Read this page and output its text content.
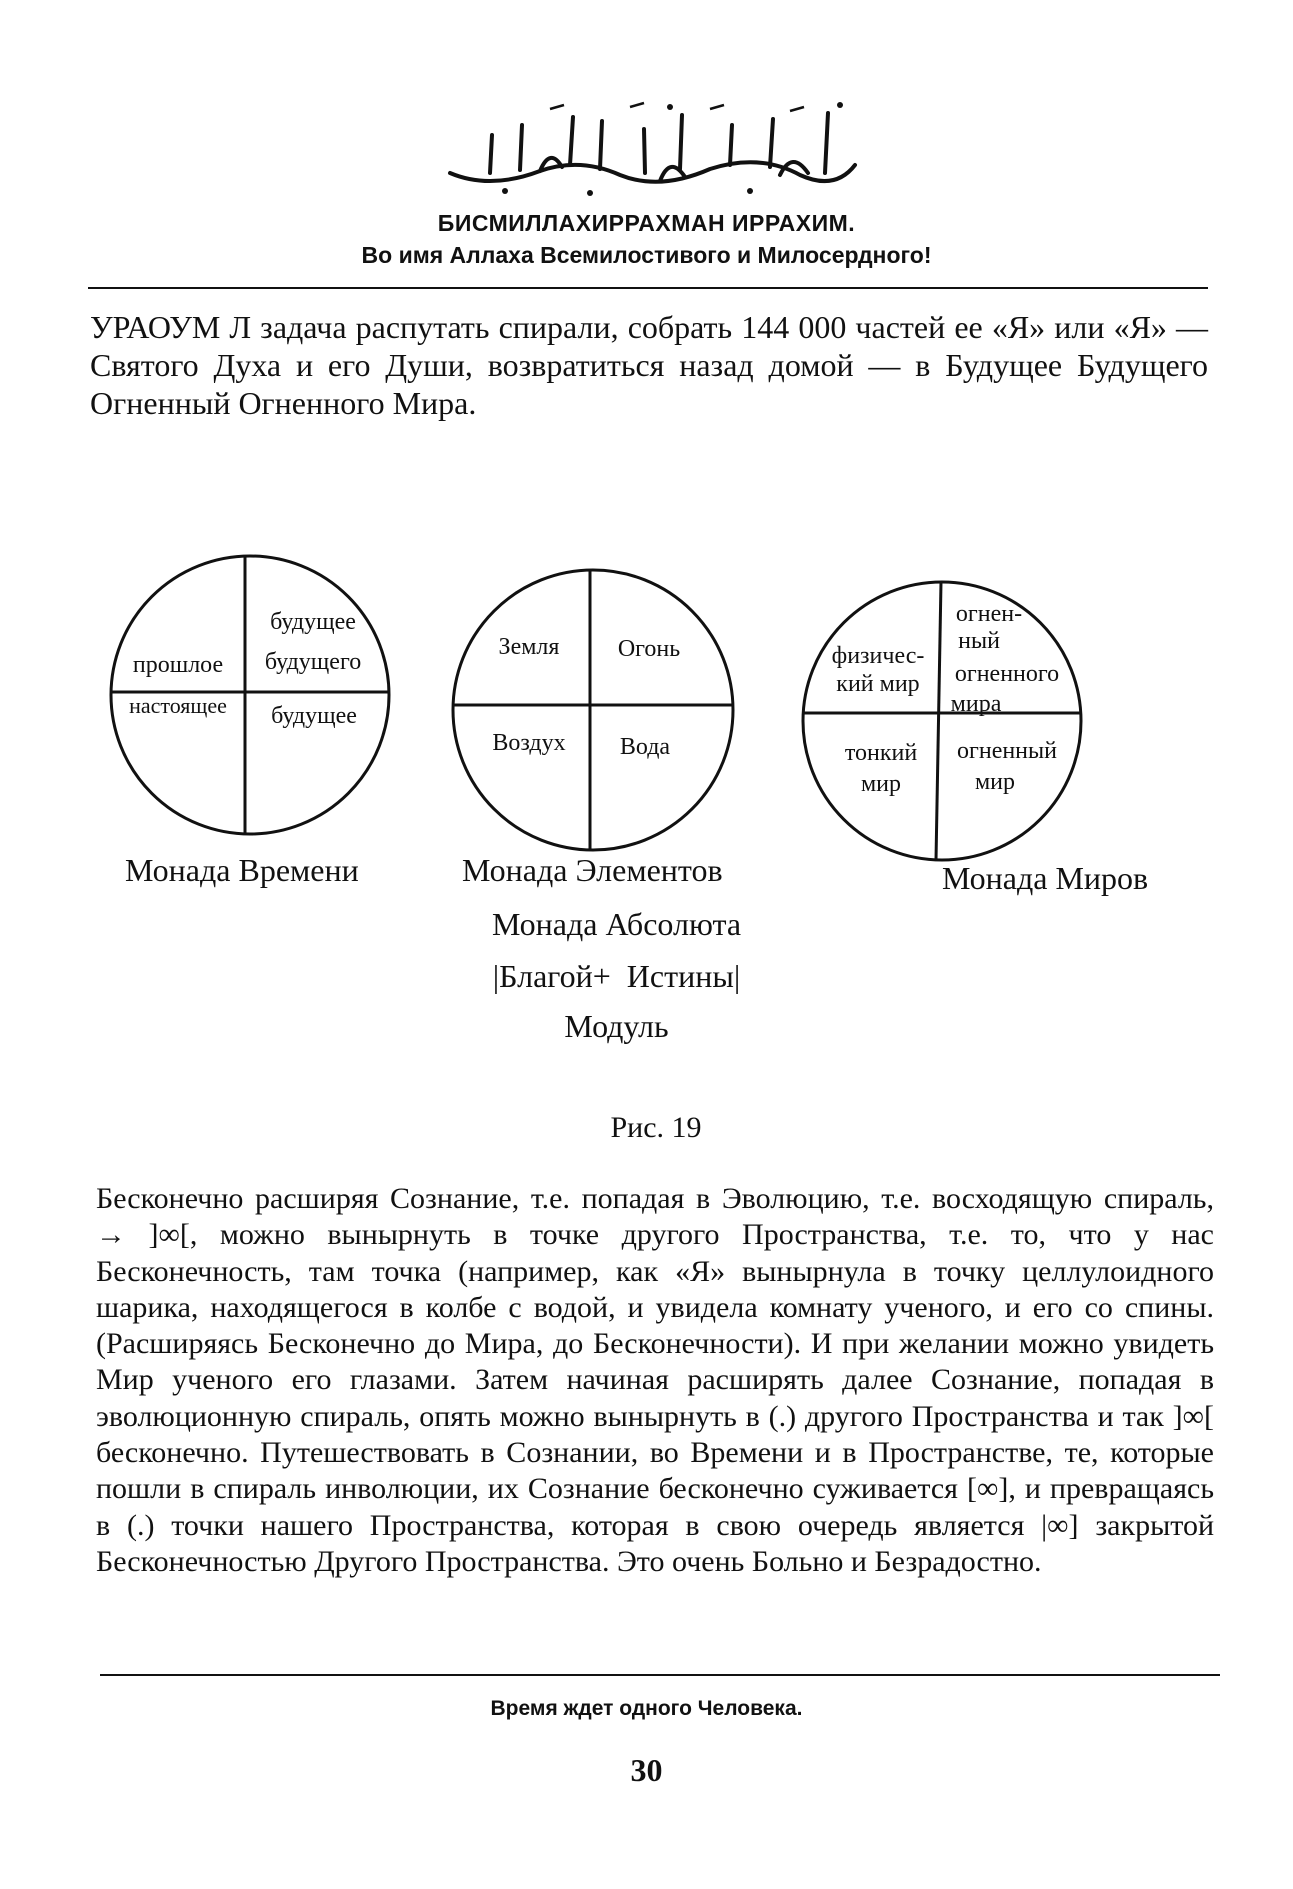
БИСМИЛЛАХИРРАХМАН ИРРАХИМ.
Во имя Аллаха Всемилостивого и Милосердного!
УРАОУМ Л задача распутать спирали, собрать 144 000 частей ее «Я» или «Я» — Святого Духа и его Души, возвратиться назад домой — в Будущее Будущего Огненный Огненного Мира.
прошлое
будущее
будущего
настоящее	будущее
Монада Времени
Земля	Огонь
Воздух	Вода
Монада Элементов
физичес-
кий мир
огнен-
ный
огненного
мира
тонкий
мир
огненный
мир
Монада Миров
Монада Абсолюта
|Благой+  Истины|
Модуль
Рис. 19
Бесконечно расширяя Сознание, т.е. попадая в Эволюцию, т.е. восходящую спираль, → ]∞[, можно вынырнуть в точке другого Пространства, т.е. то, что у нас Бесконечность, там точка (например, как «Я» вынырнула в точку целлулоидного шарика, находящегося в колбе с водой, и увидела комнату ученого, и его со спины. (Расширяясь Бесконечно до Мира, до Бесконечности). И при желании можно увидеть Мир ученого его глазами. Затем начиная расширять далее Сознание, попадая в эволюционную спираль, опять можно вынырнуть в (.) другого Пространства и так ]∞[ бесконечно. Путешествовать в Сознании, во Времени и в Пространстве, те, которые пошли в спираль инволюции, их Сознание бесконечно суживается [∞], и превращаясь в (.) точки нашего Пространства, которая в свою очередь является |∞] закрытой Бесконечностью Другого Пространства. Это очень Больно и Безрадостно.
Время ждет одного Человека.
30
